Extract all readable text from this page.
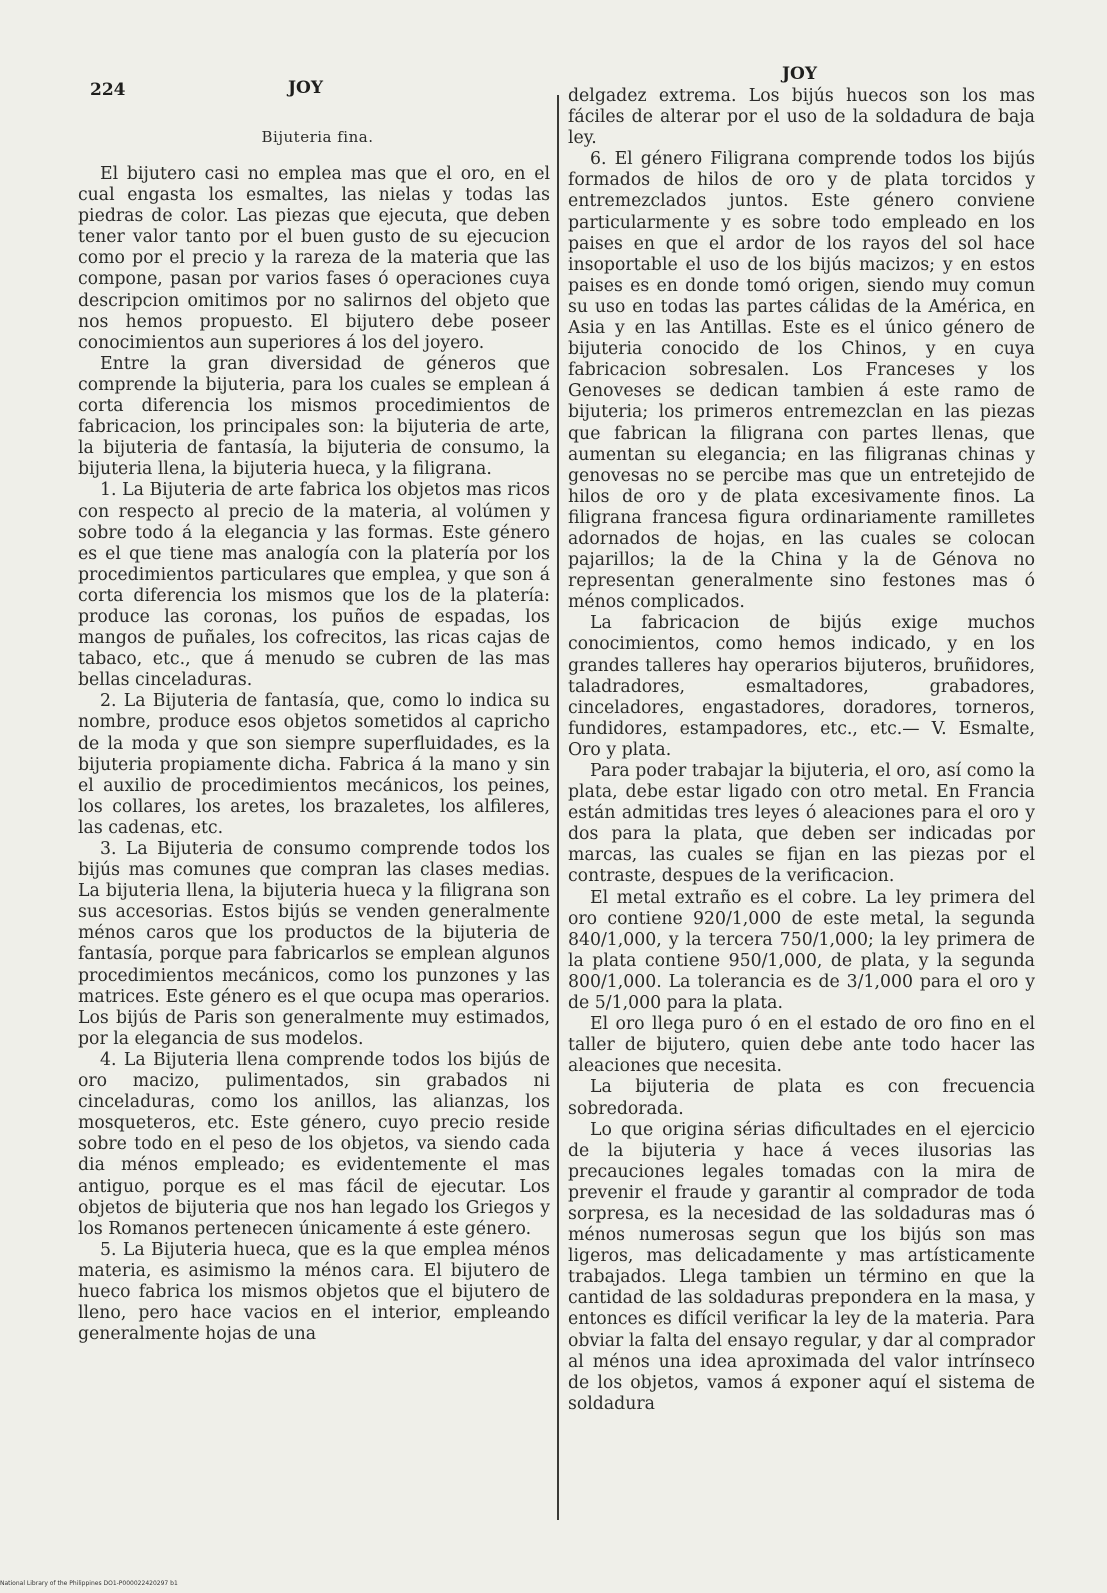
224	JOY
JOY
Bijuteria fina.

El bijutero casi no emplea mas que el oro, en el cual engasta los esmaltes, las nielas y todas las piedras de color. Las piezas que ejecuta, que deben tener valor tanto por el buen gusto de su ejecucion como por el precio y la rareza de la materia que las compone, pasan por varios fases ó operaciones cuya descripcion omitimos por no salirnos del objeto que nos hemos propuesto. El bijutero debe poseer conocimientos aun superiores á los del joyero.

Entre la gran diversidad de géneros que comprende la bijuteria, para los cuales se emplean á corta diferencia los mismos procedimientos de fabricacion, los principales son: la bijuteria de arte, la bijuteria de fantasía, la bijuteria de consumo, la bijuteria llena, la bijuteria hueca, y la filigrana.

1. La Bijuteria de arte fabrica los objetos mas ricos con respecto al precio de la materia, al volúmen y sobre todo á la elegancia y las formas. Este género es el que tiene mas analogía con la platería por los procedimientos particulares que emplea, y que son á corta diferencia los mismos que los de la platería: produce las coronas, los puños de espadas, los mangos de puñales, los cofrecitos, las ricas cajas de tabaco, etc., que á menudo se cubren de las mas bellas cinceladuras.

2. La Bijuteria de fantasía, que, como lo indica su nombre, produce esos objetos sometidos al capricho de la moda y que son siempre superfluidades, es la bijuteria propiamente dicha. Fabrica á la mano y sin el auxilio de procedimientos mecánicos, los peines, los collares, los aretes, los brazaletes, los alfileres, las cadenas, etc.

3. La Bijuteria de consumo comprende todos los bijús mas comunes que compran las clases medias. La bijuteria llena, la bijuteria hueca y la filigrana son sus accesorias. Estos bijús se venden generalmente ménos caros que los productos de la bijuteria de fantasía, porque para fabricarlos se emplean algunos procedimientos mecánicos, como los punzones y las matrices. Este género es el que ocupa mas operarios. Los bijús de Paris son generalmente muy estimados, por la elegancia de sus modelos.

4. La Bijuteria llena comprende todos los bijús de oro macizo, pulimentados, sin grabados ni cinceladuras, como los anillos, las alianzas, los mosqueteros, etc. Este género, cuyo precio reside sobre todo en el peso de los objetos, va siendo cada dia ménos empleado; es evidentemente el mas antiguo, porque es el mas fácil de ejecutar. Los objetos de bijuteria que nos han legado los Griegos y los Romanos pertenecen únicamente á este género.

5. La Bijuteria hueca, que es la que emplea ménos materia, es asimismo la ménos cara. El bijutero de hueco fabrica los mismos objetos que el bijutero de lleno, pero hace vacios en el interior, empleando generalmente hojas de una

delgadez extrema. Los bijús huecos son los mas fáciles de alterar por el uso de la soldadura de baja ley.

6. El género Filigrana comprende todos los bijús formados de hilos de oro y de plata torcidos y entremezclados juntos. Este género conviene particularmente y es sobre todo empleado en los paises en que el ardor de los rayos del sol hace insoportable el uso de los bijús macizos; y en estos paises es en donde tomó origen, siendo muy comun su uso en todas las partes cálidas de la América, en Asia y en las Antillas. Este es el único género de bijuteria conocido de los Chinos, y en cuya fabricacion sobresalen. Los Franceses y los Genoveses se dedican tambien á este ramo de bijuteria; los primeros entremezclan en las piezas que fabrican la filigrana con partes llenas, que aumentan su elegancia; en las filigranas chinas y genovesas no se percibe mas que un entretejido de hilos de oro y de plata excesivamente finos. La filigrana francesa figura ordinariamente ramilletes adornados de hojas, en las cuales se colocan pajarillos; la de la China y la de Génova no representan generalmente sino festones mas ó ménos complicados.

La fabricacion de bijús exige muchos conocimientos, como hemos indicado, y en los grandes talleres hay operarios bijuteros, bruñidores, taladradores, esmaltadores, grabadores, cinceladores, engastadores, doradores, torneros, fundidores, estampadores, etc., etc.— V. Esmalte, Oro y plata.

Para poder trabajar la bijuteria, el oro, así como la plata, debe estar ligado con otro metal. En Francia están admitidas tres leyes ó aleaciones para el oro y dos para la plata, que deben ser indicadas por marcas, las cuales se fijan en las piezas por el contraste, despues de la verificacion.

El metal extraño es el cobre. La ley primera del oro contiene 920/1,000 de este metal, la segunda 840/1,000, y la tercera 750/1,000; la ley primera de la plata contiene 950/1,000, de plata, y la segunda 800/1,000. La tolerancia es de 3/1,000 para el oro y de 5/1,000 para la plata.

El oro llega puro ó en el estado de oro fino en el taller de bijutero, quien debe ante todo hacer las aleaciones que necesita.

La bijuteria de plata es con frecuencia sobredorada.

Lo que origina sérias dificultades en el ejercicio de la bijuteria y hace á veces ilusorias las precauciones legales tomadas con la mira de prevenir el fraude y garantir al comprador de toda sorpresa, es la necesidad de las soldaduras mas ó ménos numerosas segun que los bijús son mas ligeros, mas delicadamente y mas artísticamente trabajados. Llega tambien un término en que la cantidad de las soldaduras prepondera en la masa, y entonces es difícil verificar la ley de la materia. Para obviar la falta del ensayo regular, y dar al comprador al ménos una idea aproximada del valor intrínseco de los objetos, vamos á exponer aquí el sistema de soldadura

National Library of the Philippines DO1-P000022420297 b1
